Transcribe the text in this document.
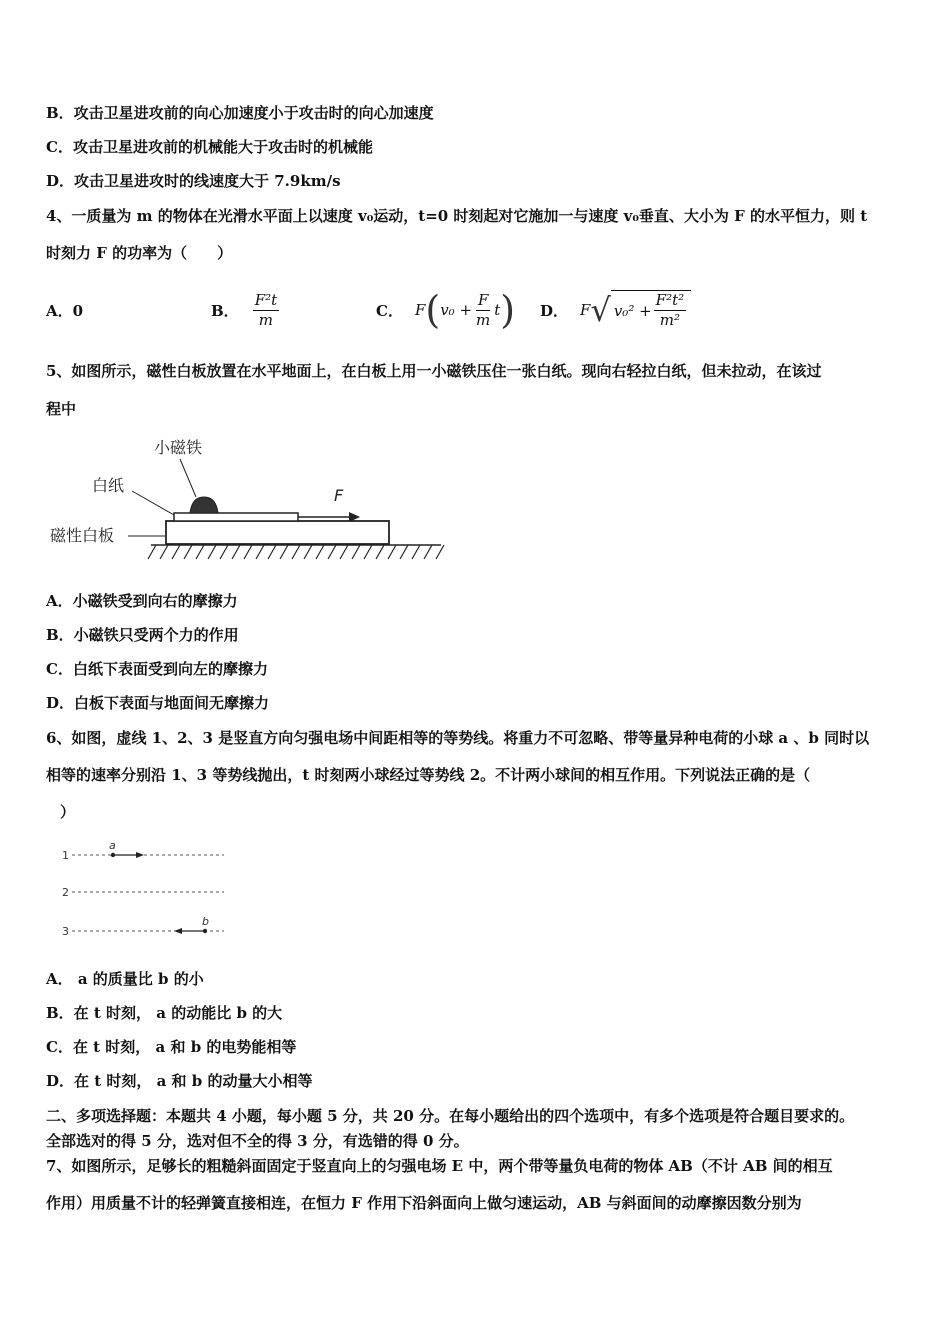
B．攻击卫星进攻前的向心加速度小于攻击时的向心加速度
C．攻击卫星进攻前的机械能大于攻击时的机械能
D．攻击卫星进攻时的线速度大于 7.9km/s
4、一质量为 m 的物体在光滑水平面上以速度 v₀运动，t=0 时刻起对它施加一与速度 v₀垂直、大小为 F 的水平恒力，则 t
时刻力 F 的功率为（　　）
A．0	B． $\frac{\text{F²t}}{m}$	C． F ( $v_0 + \frac{F}{m}$ t ) D． F √ $v_0^2 + \frac{\text{F²t²}}{\text{m²}}$
5、如图所示，磁性白板放置在水平地面上，在白板上用一小磁铁压住一张白纸。现向右轻拉白纸，但未拉动，在该过
程中
F
小磁铁
白纸
磁性白板
A．小磁铁受到向右的摩擦力
B．小磁铁只受两个力的作用
C．白纸下表面受到向左的摩擦力
D．白板下表面与地面间无摩擦力
6、如图，虚线 1、2、3 是竖直方向匀强电场中间距相等的等势线。将重力不可忽略、带等量异种电荷的小球 a 、b 同时以
相等的速率分别沿 1、3 等势线抛出，t 时刻两小球经过等势线 2。不计两小球间的相互作用。下列说法正确的是（
）
1
a
2
3
b
A． a 的质量比 b 的小
B．在 t 时刻， a 的动能比 b 的大
C．在 t 时刻， a 和 b 的电势能相等
D．在 t 时刻， a 和 b 的动量大小相等
二、多项选择题：本题共 4 小题，每小题 5 分，共 20 分。在每小题给出的四个选项中，有多个选项是符合题目要求的。
全部选对的得 5 分，选对但不全的得 3 分，有选错的得 0 分。
7、如图所示，足够长的粗糙斜面固定于竖直向上的匀强电场 E 中，两个带等量负电荷的物体 AB（不计 AB 间的相互
作用）用质量不计的轻弹簧直接相连，在恒力 F 作用下沿斜面向上做匀速运动，AB 与斜面间的动摩擦因数分别为
